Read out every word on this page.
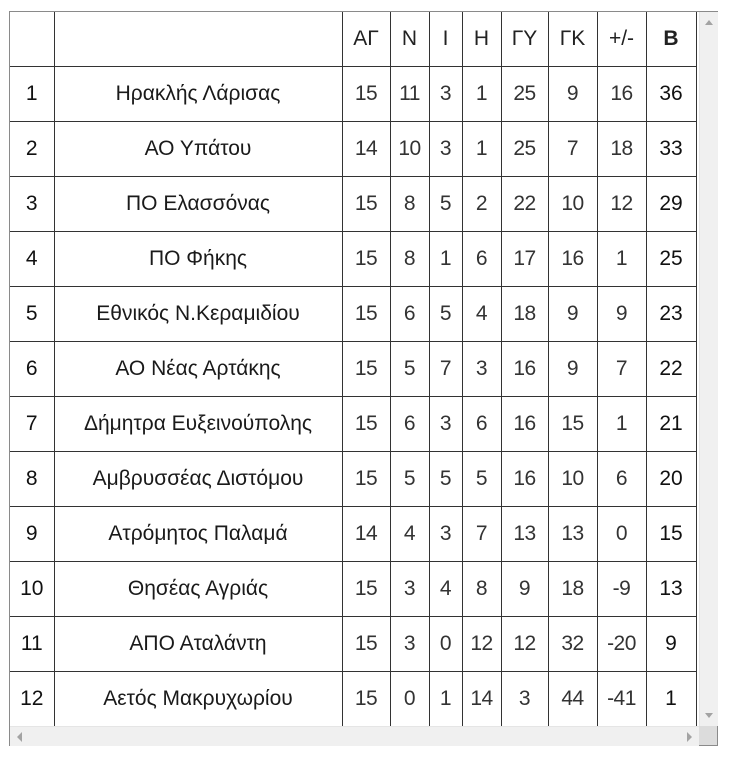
		ΑΓ	Ν	Ι	Η	ΓΥ	ΓΚ	+/-	Β
1	Ηρακλής Λάρισας	15	11	3	1	25	9	16	36
2	ΑΟ Υπάτου	14	10	3	1	25	7	18	33
3	ΠΟ Ελασσόνας	15	8	5	2	22	10	12	29
4	ΠΟ Φήκης	15	8	1	6	17	16	1	25
5	Εθνικός Ν.Κεραμιδίου	15	6	5	4	18	9	9	23
6	ΑΟ Νέας Αρτάκης	15	5	7	3	16	9	7	22
7	Δήμητρα Ευξεινούπολης	15	6	3	6	16	15	1	21
8	Αμβρυσσέας Διστόμου	15	5	5	5	16	10	6	20
9	Ατρόμητος Παλαμά	14	4	3	7	13	13	0	15
10	Θησέας Αγριάς	15	3	4	8	9	18	-9	13
11	ΑΠΟ Αταλάντη	15	3	0	12	12	32	-20	9
12	Αετός Μακρυχωρίου	15	0	1	14	3	44	-41	1
